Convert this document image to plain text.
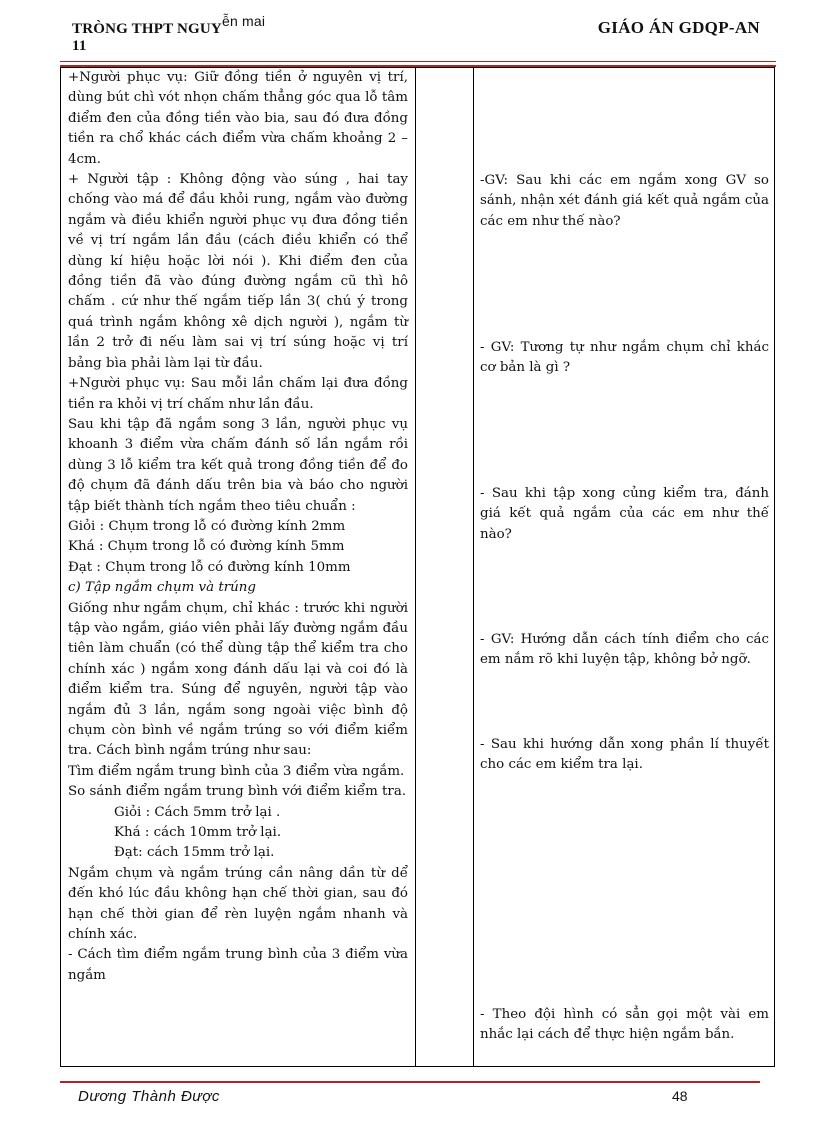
TRÒNG THPT NGUYễn mai
11
GIÁO ÁN GDQP-AN

+Người phục vụ: Giữ đồng tiền ở nguyên vị trí, dùng bút chì vót nhọn chấm thẳng góc qua lỗ tâm điểm đen của đồng tiền vào bia, sau đó đưa đồng tiền ra chổ khác cách điểm vừa chấm khoảng 2 – 4cm.

+ Người tập : Không động vào súng , hai tay chống vào má để đầu khỏi rung, ngắm vào đường ngắm và điều khiển người phục vụ đưa đồng tiền về vị trí ngắm lần đầu (cách điều khiển có thể dùng kí hiệu hoặc lời nói ). Khi điểm đen của đồng tiền đã vào đúng đường ngắm cũ thì hô chấm . cứ như thế ngắm tiếp lần 3( chú ý trong quá trình ngắm không xê dịch người ), ngắm từ lần 2 trở đi nếu làm sai vị trí súng hoặc vị trí bảng bìa phải làm lại từ đầu.

+Người phục vụ: Sau mỗi lần chấm lại đưa đồng tiền ra khỏi vị trí chấm như lần đầu.

Sau khi tập đã ngắm song 3 lần, người phục vụ khoanh 3 điểm vừa chấm đánh số lần ngắm rồi dùng 3 lỗ kiểm tra kết quả trong đồng tiền để đo độ chụm đã đánh dấu trên bia và báo cho người tập biết thành tích ngắm theo tiêu chuẩn :

Giỏi : Chụm trong lỗ có đường kính 2mm

Khá : Chụm trong lỗ có đường kính 5mm

Đạt : Chụm trong lỗ có đường kính 10mm

c) Tập ngắm chụm và trúng

Giống như ngắm chụm, chỉ khác : trước khi người tập vào ngắm, giáo viên phải lấy đường ngắm đầu tiên làm chuẩn (có thể dùng tập thể kiểm tra cho chính xác ) ngắm xong đánh dấu lại và coi đó là điểm kiểm tra. Súng để nguyên, người tập vào ngắm đủ 3 lần, ngắm song ngoài việc bình độ chụm còn bình về ngắm trúng so với điểm kiểm tra. Cách bình ngắm trúng như sau:

Tìm điểm ngắm trung bình của 3 điểm vừa ngắm.

So sánh điểm ngắm trung bình với điểm kiểm tra.

Giỏi : Cách 5mm trở lại .

Khá : cách 10mm trở lại.

Đạt: cách 15mm trở lại.

Ngắm chụm và ngắm trúng cần nâng dần từ dể đến khó lúc đầu không hạn chế thời gian, sau đó hạn chế thời gian để rèn luyện ngắm nhanh và chính xác.

- Cách tìm điểm ngắm trung bình của 3 điểm vừa ngắm

-GV: Sau khi các em ngắm xong GV so sánh, nhận xét đánh giá kết quả ngắm của các em như thế nào?
- GV: Tương tự như ngắm chụm chỉ khác cơ bản là gì ?
- Sau khi tập xong củng kiểm tra, đánh giá kết quả ngắm của các em như thế nào?
- GV: Hướng dẫn cách tính điểm cho các em nắm rõ khi luyện tập, không bở ngỡ.
- Sau khi hướng dẫn xong phần lí thuyết cho các em kiểm tra lại.
- Theo đội hình có sẳn gọi một vài em nhắc lại cách để thực hiện ngắm bắn.
Dương Thành Được	48
